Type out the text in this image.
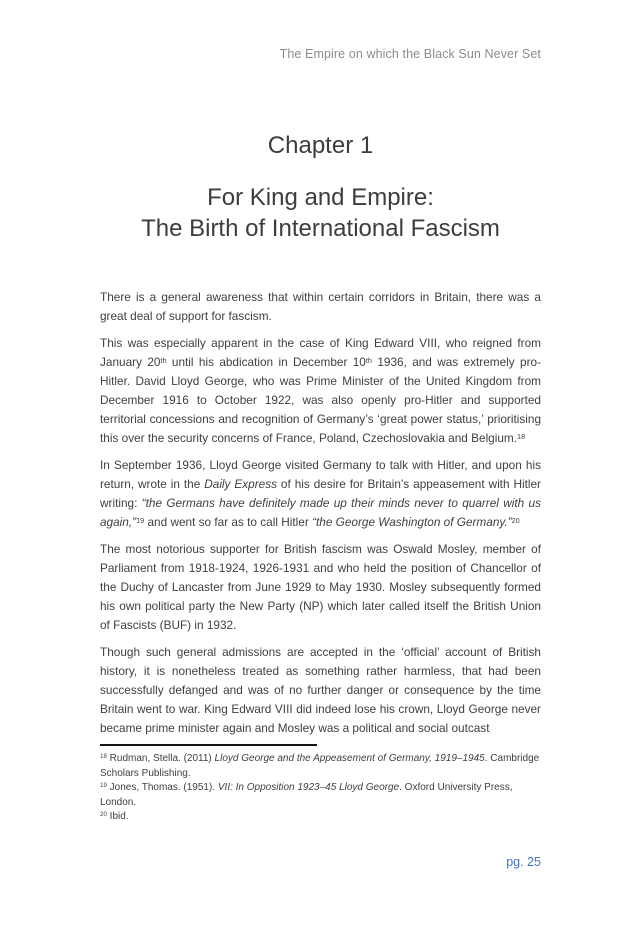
The Empire on which the Black Sun Never Set
Chapter 1
For King and Empire:
The Birth of International Fascism

There is a general awareness that within certain corridors in Britain, there was a great deal of support for fascism.

This was especially apparent in the case of King Edward VIII, who reigned from January 20th until his abdication in December 10th 1936, and was extremely pro-Hitler. David Lloyd George, who was Prime Minister of the United Kingdom from December 1916 to October 1922, was also openly pro-Hitler and supported territorial concessions and recognition of Germany’s ‘great power status,’ prioritising this over the security concerns of France, Poland, Czechoslovakia and Belgium.$^{18}$

In September 1936, Lloyd George visited Germany to talk with Hitler, and upon his return, wrote in the Daily Express of his desire for Britain’s appeasement with Hitler writing: “the Germans have definitely made up their minds never to quarrel with us again,”$^{19}$ and went so far as to call Hitler “the George Washington of Germany.”$^{20}$

The most notorious supporter for British fascism was Oswald Mosley, member of Parliament from 1918-1924, 1926-1931 and who held the position of Chancellor of the Duchy of Lancaster from June 1929 to May 1930. Mosley subsequently formed his own political party the New Party (NP) which later called itself the British Union of Fascists (BUF) in 1932.

Though such general admissions are accepted in the ‘official’ account of British history, it is nonetheless treated as something rather harmless, that had been successfully defanged and was of no further danger or consequence by the time Britain went to war. King Edward VIII did indeed lose his crown, Lloyd George never became prime minister again and Mosley was a political and social outcast

$^{18}$ Rudman, Stella. (2011) Lloyd George and the Appeasement of Germany, 1919–1945. Cambridge Scholars Publishing.

$^{19}$ Jones, Thomas. (1951). VII: In Opposition 1923–45 Lloyd George. Oxford University Press, London.

$^{20}$ Ibid.

pg. 25
